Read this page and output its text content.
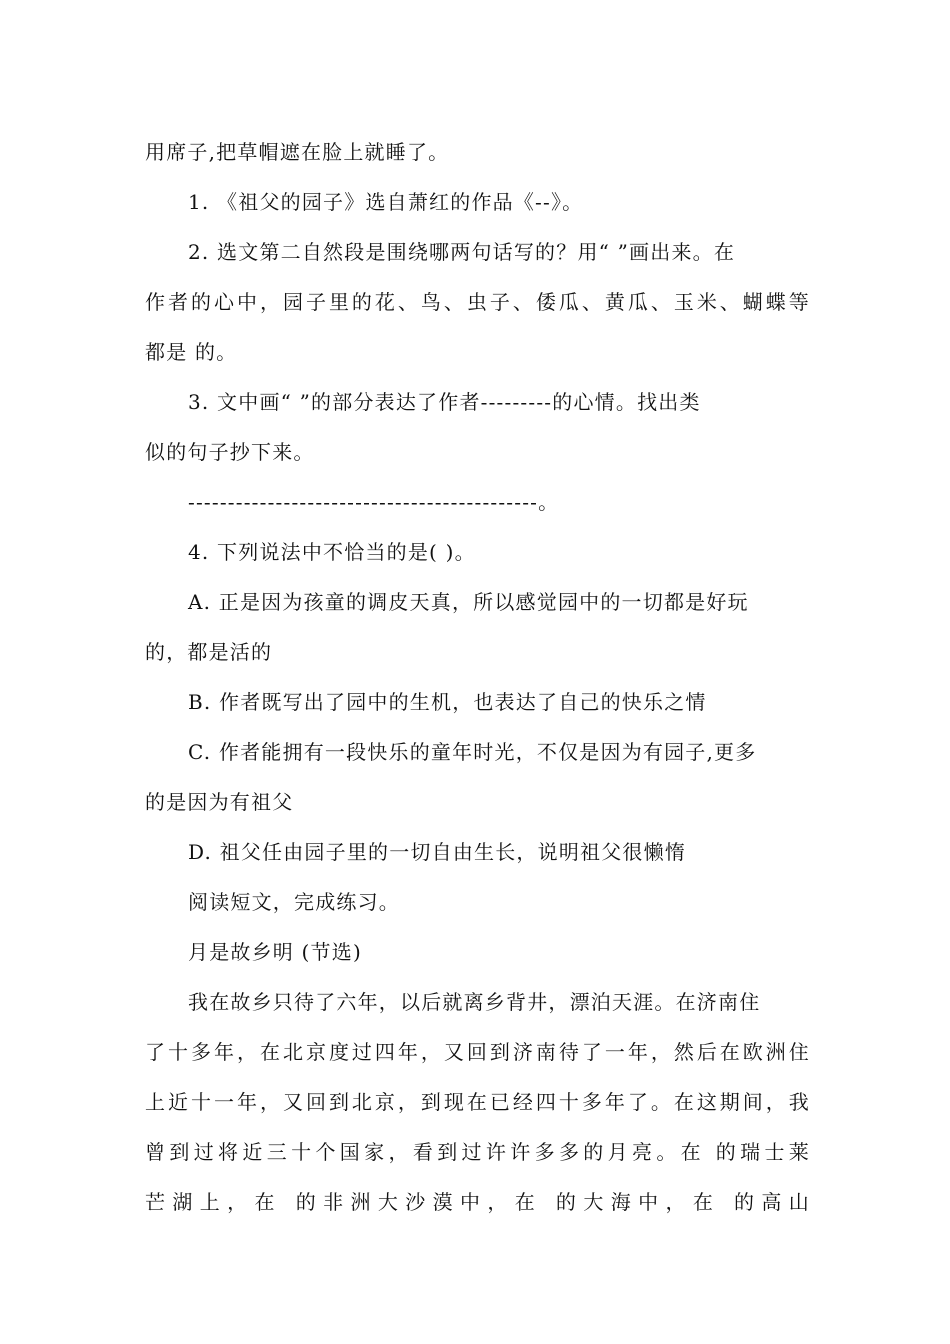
用席子,把草帽遮在脸上就睡了。
1. 《祖父的园子》选自萧红的作品《--》。
2. 选文第二自然段是围绕哪两句话写的？用“ ”画出来。在
作者的心中，园子里的花、鸟、虫子、倭瓜、黄瓜、玉米、蝴蝶等
都是 的。
3. 文中画“ ”的部分表达了作者---------的心情。找出类
似的句子抄下来。
--------------------------------------------。
4. 下列说法中不恰当的是( )。
A. 正是因为孩童的调皮天真，所以感觉园中的一切都是好玩
的，都是活的
B. 作者既写出了园中的生机，也表达了自己的快乐之情
C. 作者能拥有一段快乐的童年时光，不仅是因为有园子,更多
的是因为有祖父
D. 祖父任由园子里的一切自由生长，说明祖父很懒惰
阅读短文，完成练习。
月是故乡明 (节选)
我在故乡只待了六年，以后就离乡背井，漂泊天涯。在济南住
了十多年，在北京度过四年，又回到济南待了一年，然后在欧洲住
上近十一年，又回到北京，到现在已经四十多年了。在这期间，我
曾到过将近三十个国家，看到过许许多多的月亮。在 的瑞士莱
芒湖上，在 的非洲大沙漠中，在 的大海中，在 的高山
